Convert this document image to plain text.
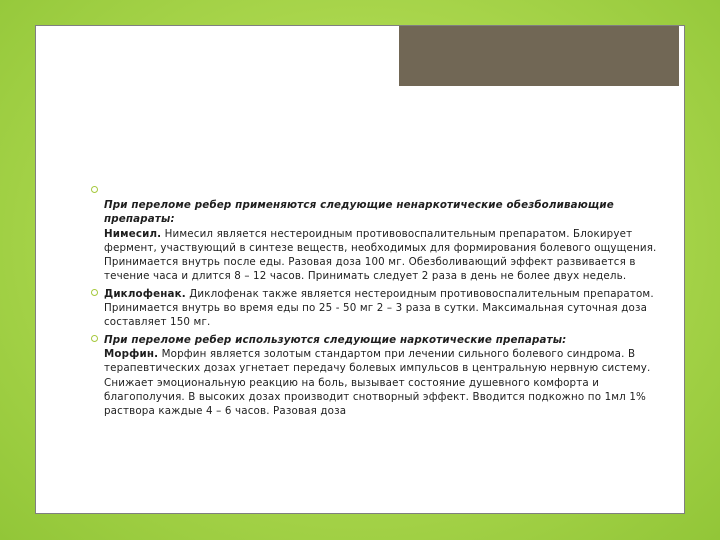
При переломе ребер применяются следующие ненаркотические обезболивающие препараты:
Нимесил. Нимесил является нестероидным противовоспалительным препаратом. Блокирует фермент, участвующий в синтезе веществ, необходимых для формирования болевого ощущения. Принимается внутрь после еды. Разовая доза 100 мг. Обезболивающий эффект развивается в течение часа и длится 8 – 12 часов. Принимать следует 2 раза в день не более двух недель.
Диклофенак. Диклофенак также является нестероидным противовоспалительным препаратом. Принимается внутрь во время еды по 25 - 50 мг 2 – 3 раза в сутки. Максимальная суточная доза составляет 150 мг.
При переломе ребер используются следующие наркотические препараты:
Морфин. Морфин является золотым стандартом при лечении сильного болевого синдрома. В терапевтических дозах угнетает передачу болевых импульсов в центральную нервную систему. Снижает эмоциональную реакцию на боль, вызывает состояние душевного комфорта и благополучия. В высоких дозах производит снотворный эффект. Вводится подкожно по 1мл 1% раствора каждые 4 – 6 часов. Разовая доза
